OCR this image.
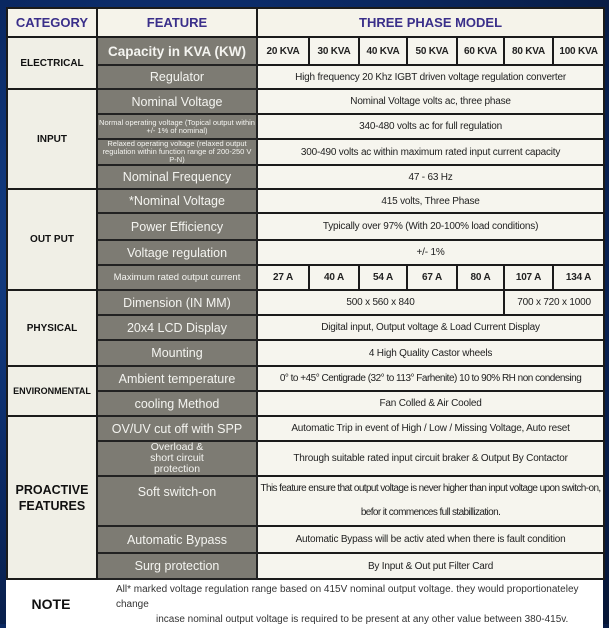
CATEGORY	FEATURE	THREE PHASE MODEL						
ELECTRICAL	Capacity in KVA (KW)	20 KVA	30 KVA	40 KVA	50 KVA	60 KVA	80 KVA	100 KVA
	Regulator	High frequency 20 Khz IGBT driven voltage regulation converter						
INPUT	Nominal Voltage	Nominal Voltage volts ac, three phase						
	Normal operating voltage (Topical output within +/- 1% of nominal)	340-480 volts ac for full regulation						
	Relaxed operating voltage (relaxed output regulation within function range of 200-250 V P-N)	300-490 volts ac within maximum rated input current capacity						
	Nominal Frequency	47 - 63 Hz						
OUT PUT	*Nominal Voltage	415 volts, Three Phase						
	Power Efficiency	Typically over 97% (With 20-100% load conditions)						
	Voltage regulation	+/- 1%						
	Maximum rated output current	27 A	40 A	54 A	67 A	80 A	107 A	134 A
PHYSICAL	Dimension (IN MM)	500 x 560 x 840					700 x 720 x 1000	
	20x4 LCD Display	Digital input, Output voltage & Load Current Display						
	Mounting	4 High Quality Castor wheels						
ENVIRONMENTAL	Ambient temperature	0° to +45° Centigrade (32° to 113° Farhenite) 10 to 90% RH non condensing						
	cooling Method	Fan Colled & Air Cooled						
PROACTIVE
FEATURES	OV/UV cut off with SPP	Automatic Trip in event of High / Low / Missing Voltage, Auto reset						
	Overload & short circuit protection	Through suitable rated input circuit braker & Output By Contactor						
	Soft switch-on	This feature ensure that output voltage is never higher than input voltage upon switch-on,
befor it commences full stabillization.						
	Automatic Bypass	Automatic Bypass will be activ ated when there is fault condition						
	Surg protection	By Input & Out put Filter Card						
NOTE	All* marked voltage regulation range based on 415V nominal output voltage. they would proportionateley change
incase nominal output voltage is required to be present at any other value between 380-415v.
